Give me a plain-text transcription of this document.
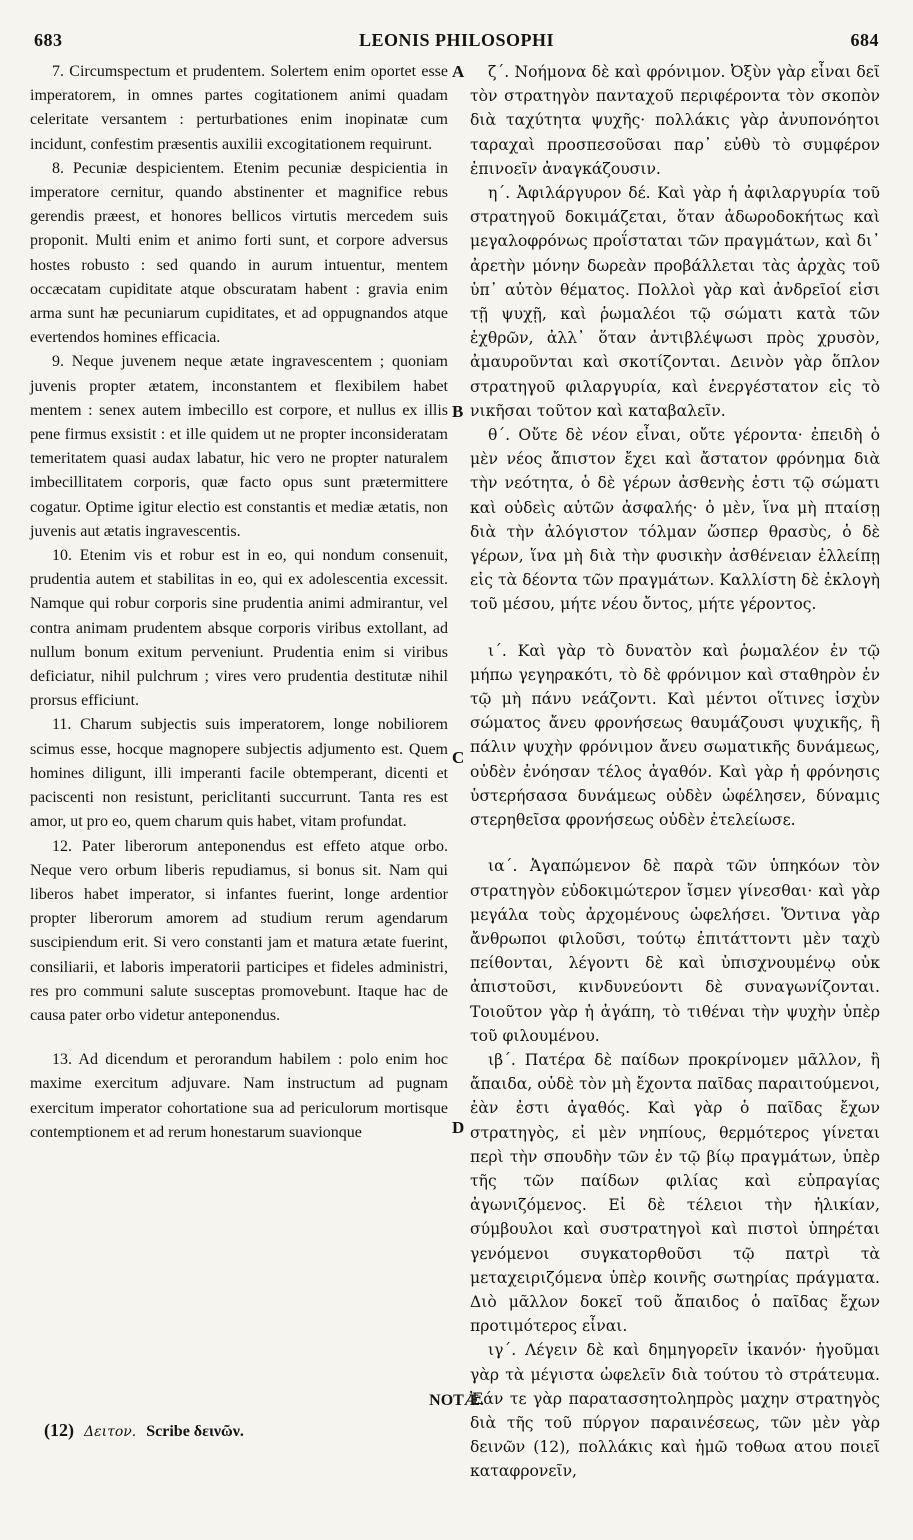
683	LEONIS PHILOSOPHI	684

7. Circumspectum et prudentem. Solertem enim oportet esse imperatorem, in omnes partes cogitationem animi quadam celeritate versantem : perturbationes enim inopinatæ cum incidunt, confestim præsentis auxilii excogitationem requirunt.

8. Pecuniæ despicientem. Etenim pecuniæ despicientia in imperatore cernitur, quando abstinenter et magnifice rebus gerendis præest, et honores bellicos virtutis mercedem suis proponit. Multi enim et animo forti sunt, et corpore adversus hostes robusto : sed quando in aurum intuentur, mentem occæcatam cupiditate atque obscuratam habent : gravia enim arma sunt hæ pecuniarum cupiditates, et ad oppugnandos atque evertendos homines efficacia.

9. Neque juvenem neque ætate ingravescentem ; quoniam juvenis propter ætatem, inconstantem et flexibilem habet mentem : senex autem imbecillo est corpore, et nullus ex illis pene firmus exsistit : et ille quidem ut ne propter inconsideratam temeritatem quasi audax labatur, hic vero ne propter naturalem imbecillitatem corporis, quæ facto opus sunt prætermittere cogatur. Optime igitur electio est constantis et mediæ ætatis, non juvenis aut ætatis ingravescentis.

10. Etenim vis et robur est in eo, qui nondum consenuit, prudentia autem et stabilitas in eo, qui ex adolescentia excessit. Namque qui robur corporis sine prudentia animi admirantur, vel contra animam prudentem absque corporis viribus extollant, ad nullum bonum exitum perveniunt. Prudentia enim si viribus deficiatur, nihil pulchrum ; vires vero prudentia destitutæ nihil prorsus efficiunt.

11. Charum subjectis suis imperatorem, longe nobiliorem scimus esse, hocque magnopere subjectis adjumento est. Quem homines diligunt, illi imperanti facile obtemperant, dicenti et paciscenti non resistunt, periclitanti succurrunt. Tanta res est amor, ut pro eo, quem charum quis habet, vitam profundat.

12. Pater liberorum anteponendus est effeto atque orbo. Neque vero orbum liberis repudiamus, si bonus sit. Nam qui liberos habet imperator, si infantes fuerint, longe ardentior propter liberorum amorem ad studium rerum agendarum suscipiendum erit. Si vero constanti jam et matura ætate fuerint, consiliarii, et laboris imperatorii participes et fideles administri, res pro communi salute susceptas promovebunt. Itaque hac de causa pater orbo videtur anteponendus.

13. Ad dicendum et perorandum habilem : polo enim hoc maxime exercitum adjuvare. Nam instructum ad pugnam exercitum imperator cohortatione sua ad periculorum mortisque contemptionem et ad rerum honestarum suavionque

A
B
C
D

ζ΄. Νοήμονα δὲ καὶ φρόνιμον. Ὀξὺν γὰρ εἶναι δεῖ τὸν στρατηγὸν πανταχοῦ περιφέροντα τὸν σκοπὸν διὰ ταχύτητα ψυχῆς· πολλάκις γὰρ ἀνυπονόητοι ταραχαὶ προσπεσοῦσαι παρ᾽ εὐθὺ τὸ συμφέρον ἐπινοεῖν ἀναγκάζουσιν.

η΄. Ἀφιλάργυρον δέ. Καὶ γὰρ ἡ ἀφιλαργυρία τοῦ στρατηγοῦ δοκιμάζεται, ὅταν ἀδωροδοκήτως καὶ μεγαλοφρόνως προΐσταται τῶν πραγμάτων, καὶ δι᾽ ἀρετὴν μόνην δωρεὰν προβάλλεται τὰς ἀρχὰς τοῦ ὑπ᾽ αὐτὸν θέματος. Πολλοὶ γὰρ καὶ ἀνδρεῖοί εἰσι τῇ ψυχῇ, καὶ ῥωμαλέοι τῷ σώματι κατὰ τῶν ἐχθρῶν, ἀλλ᾽ ὅταν ἀντιβλέψωσι πρὸς χρυσὸν, ἀμαυροῦνται καὶ σκοτίζονται. Δεινὸν γὰρ ὅπλον στρατηγοῦ φιλαργυρία, καὶ ἐνεργέστατον εἰς τὸ νικῆσαι τοῦτον καὶ καταβαλεῖν.

θ΄. Οὔτε δὲ νέον εἶναι, οὔτε γέροντα· ἐπειδὴ ὁ μὲν νέος ἄπιστον ἔχει καὶ ἄστατον φρόνημα διὰ τὴν νεότητα, ὁ δὲ γέρων ἀσθενὴς ἐστι τῷ σώματι καὶ οὐδεὶς αὐτῶν ἀσφαλής· ὁ μὲν, ἵνα μὴ πταίσῃ διὰ τὴν ἀλόγιστον τόλμαν ὥσπερ θρασὺς, ὁ δὲ γέρων, ἵνα μὴ διὰ τὴν φυσικὴν ἀσθένειαν ἐλλείπῃ εἰς τὰ δέοντα τῶν πραγμάτων. Καλλίστη δὲ ἐκλογὴ τοῦ μέσου, μήτε νέου ὄντος, μήτε γέροντος.

ι΄. Καὶ γὰρ τὸ δυνατὸν καὶ ῥωμαλέον ἐν τῷ μήπω γεγηρακότι, τὸ δὲ φρόνιμον καὶ σταθηρὸν ἐν τῷ μὴ πάνυ νεάζοντι. Καὶ μέντοι οἵτινες ἰσχὺν σώματος ἄνευ φρονήσεως θαυμάζουσι ψυχικῆς, ἢ πάλιν ψυχὴν φρόνιμον ἄνευ σωματικῆς δυνάμεως, οὐδὲν ἐνόησαν τέλος ἀγαθόν. Καὶ γὰρ ἡ φρόνησις ὑστερήσασα δυνάμεως οὐδὲν ὠφέλησεν, δύναμις στερηθεῖσα φρονήσεως οὐδὲν ἐτελείωσε.

ια΄. Ἀγαπώμενον δὲ παρὰ τῶν ὑπηκόων τὸν στρατηγὸν εὐδοκιμώτερον ἴσμεν γίνεσθαι· καὶ γὰρ μεγάλα τοὺς ἀρχομένους ὠφελήσει. Ὅντινα γὰρ ἄνθρωποι φιλοῦσι, τούτῳ ἐπιτάττοντι μὲν ταχὺ πείθονται, λέγοντι δὲ καὶ ὑπισχνουμένῳ οὐκ ἀπιστοῦσι, κινδυνεύοντι δὲ συναγωνίζονται. Τοιοῦτον γὰρ ἡ ἀγάπη, τὸ τιθέναι τὴν ψυχὴν ὑπὲρ τοῦ φιλουμένου.

ιβ΄. Πατέρα δὲ παίδων προκρίνομεν μᾶλλον, ἢ ἄπαιδα, οὐδὲ τὸν μὴ ἔχοντα παῖδας παραιτούμενοι, ἐὰν ἐστι ἀγαθός. Καὶ γὰρ ὁ παῖδας ἔχων στρατηγὸς, εἰ μὲν νηπίους, θερμότερος γίνεται περὶ τὴν σπουδὴν τῶν ἐν τῷ βίῳ πραγμάτων, ὑπὲρ τῆς τῶν παίδων φιλίας καὶ εὐπραγίας ἀγωνιζόμενος. Εἰ δὲ τέλειοι τὴν ἡλικίαν, σύμβουλοι καὶ συστρατηγοὶ καὶ πιστοὶ ὑπηρέται γενόμενοι συγκατορθοῦσι τῷ πατρὶ τὰ μεταχειριζόμενα ὑπὲρ κοινῆς σωτηρίας πράγματα. Διὸ μᾶλλον δοκεῖ τοῦ ἄπαιδος ὁ παῖδας ἔχων προτιμότερος εἶναι.

ιγ΄. Λέγειν δὲ καὶ δημηγορεῖν ἱκανόν· ἡγοῦμαι γὰρ τὰ μέγιστα ὠφελεῖν διὰ τούτου τὸ στράτευμα. Ἐάν τε γὰρ παρατασσητοληπρὸς μαχην στρατηγὸς διὰ τῆς τοῦ πύργον παραινέσεως, τῶν μὲν γὰρ δεινῶν (12), πολλάκις καὶ ἡμῶ τοθωα ατου ποιεῖ καταφρονεῖν,

NOTÆ.
(12) Δειτον. Scribe δεινῶν.
